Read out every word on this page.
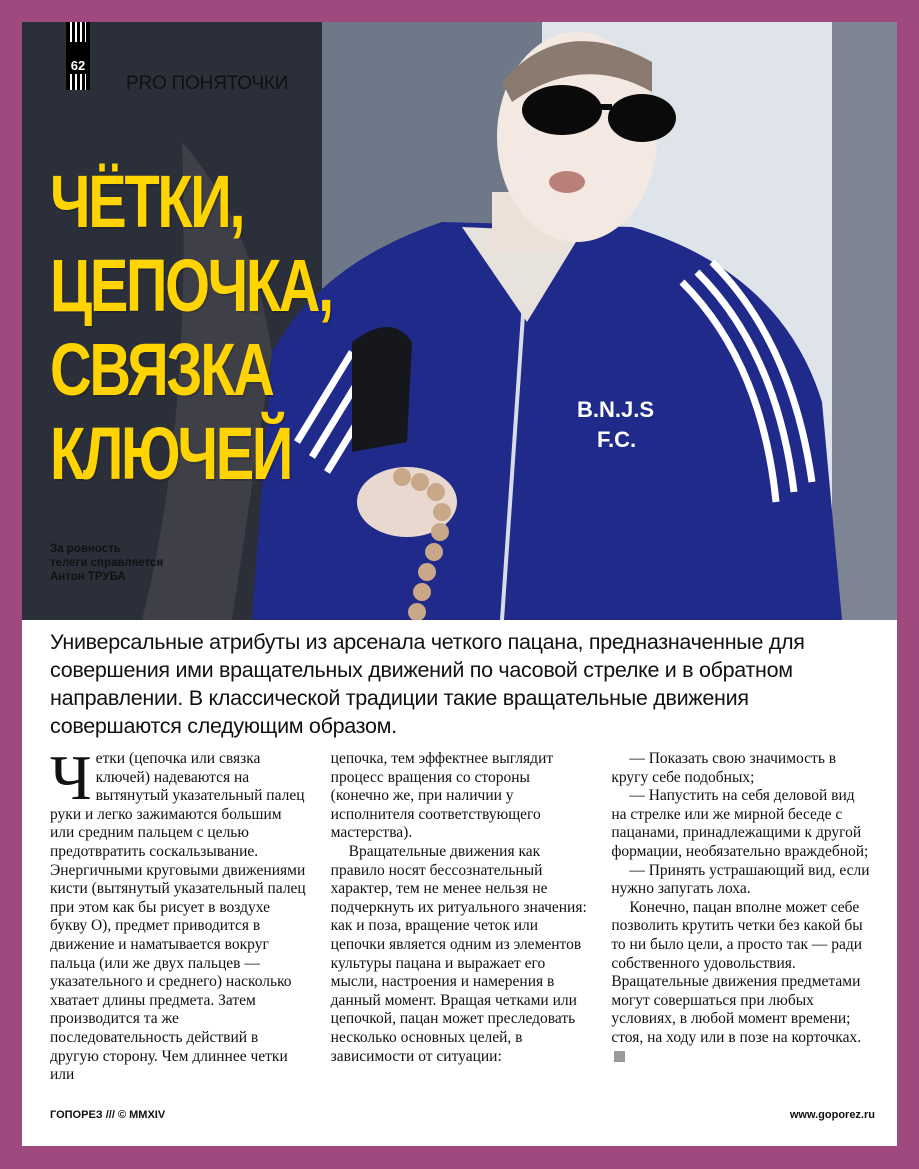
B.N.J.S
F.C.
62
PRO ПОНЯТОЧКИ
ЧЁТКИ,
ЦЕПОЧКА,
СВЯЗКА
КЛЮЧЕЙ
За ровность
телеги справляется
Антон ТРУБА

Универсальные атрибуты из арсенала четкого пацана, предназначенные для совершения ими вращательных движений по часовой стрелке и в обратном направлении. В классической традиции такие вращательные движения совершаются следующим образом.

Четки (цепочка или связка ключей) надеваются на вытянутый указательный палец руки и легко зажимаются большим или средним пальцем с целью предотвратить соскальзывание. Энергичными круговыми движениями кисти (вытянутый указательный палец при этом как бы рисует в воздухе букву О), предмет приводится в движение и наматывается вокруг пальца (или же двух пальцев — указательного и среднего) насколько хватает длины предмета. Затем производится та же последовательность действий в другую сторону. Чем длиннее четки или

цепочка, тем эффектнее выглядит процесс вращения со стороны (конечно же, при наличии у исполнителя соответствующего мастерства).

Вращательные движения как правило носят бессознательный характер, тем не менее нельзя не подчеркнуть их ритуального значения: как и поза, вращение четок или цепочки является одним из элементов культуры пацана и выражает его мысли, настроения и намерения в данный момент. Вращая четками или цепочкой, пацан может преследовать несколько основных целей, в зависимости от ситуации:

— Показать свою значимость в кругу себе подобных;

— Напустить на себя деловой вид на стрелке или же мирной беседе с пацанами, принадлежащими к другой формации, необязательно враждебной;

— Принять устрашающий вид, если нужно запугать лоха.

Конечно, пацан вполне может себе позволить крутить четки без какой бы то ни было цели, а просто так — ради собственного удовольствия. Вращательные движения предметами могут совершаться при любых условиях, в любой момент времени; стоя, на ходу или в позе на корточках.

ГОПОРЕЗ /// © MMXIV	www.goporez.ru
